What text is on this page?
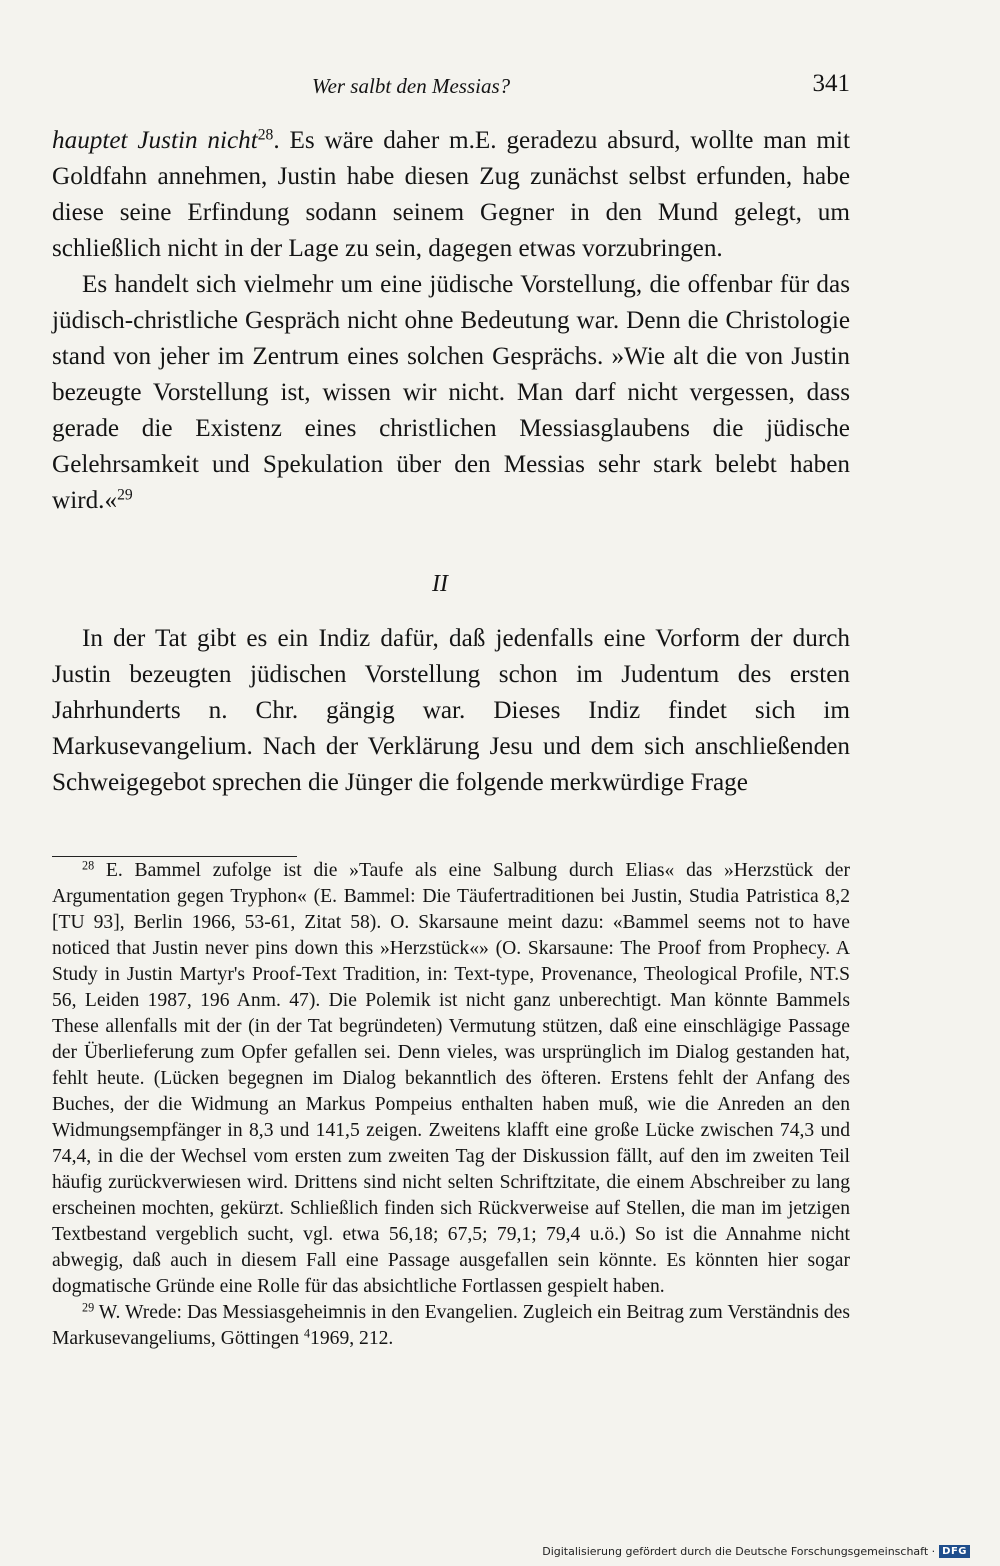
Wer salbt den Messias?	341

hauptet Justin nicht$^{28}$. Es wäre daher m.E. geradezu absurd, wollte man mit Goldfahn annehmen, Justin habe diesen Zug zunächst selbst erfunden, habe diese seine Erfindung sodann seinem Gegner in den Mund gelegt, um schließlich nicht in der Lage zu sein, dagegen etwas vorzubringen.

Es handelt sich vielmehr um eine jüdische Vorstellung, die offenbar für das jüdisch-christliche Gespräch nicht ohne Bedeutung war. Denn die Christologie stand von jeher im Zentrum eines solchen Gesprächs. »Wie alt die von Justin bezeugte Vorstellung ist, wissen wir nicht. Man darf nicht vergessen, dass gerade die Existenz eines christlichen Messiasglaubens die jüdische Gelehrsamkeit und Spekulation über den Messias sehr stark belebt haben wird.«$^{29}$

II

In der Tat gibt es ein Indiz dafür, daß jedenfalls eine Vorform der durch Justin bezeugten jüdischen Vorstellung schon im Judentum des ersten Jahrhunderts n. Chr. gängig war. Dieses Indiz findet sich im Markusevangelium. Nach der Verklärung Jesu und dem sich anschließenden Schweigegebot sprechen die Jünger die folgende merkwürdige Frage

$^{28}$ E. Bammel zufolge ist die »Taufe als eine Salbung durch Elias« das »Herzstück der Argumentation gegen Tryphon« (E. Bammel: Die Täufertraditionen bei Justin, Studia Patristica 8,2 [TU 93], Berlin 1966, 53-61, Zitat 58). O. Skarsaune meint dazu: «Bammel seems not to have noticed that Justin never pins down this »Herzstück«» (O. Skarsaune: The Proof from Prophecy. A Study in Justin Martyr's Proof-Text Tradition, in: Text-type, Provenance, Theological Profile, NT.S 56, Leiden 1987, 196 Anm. 47). Die Polemik ist nicht ganz unberechtigt. Man könnte Bammels These allenfalls mit der (in der Tat begründeten) Vermutung stützen, daß eine einschlägige Passage der Überlieferung zum Opfer gefallen sei. Denn vieles, was ursprünglich im Dialog gestanden hat, fehlt heute. (Lücken begegnen im Dialog bekanntlich des öfteren. Erstens fehlt der Anfang des Buches, der die Widmung an Markus Pompeius enthalten haben muß, wie die Anreden an den Widmungsempfänger in 8,3 und 141,5 zeigen. Zweitens klafft eine große Lücke zwischen 74,3 und 74,4, in die der Wechsel vom ersten zum zweiten Tag der Diskussion fällt, auf den im zweiten Teil häufig zurückverwiesen wird. Drittens sind nicht selten Schriftzitate, die einem Abschreiber zu lang erscheinen mochten, gekürzt. Schließlich finden sich Rückverweise auf Stellen, die man im jetzigen Textbestand vergeblich sucht, vgl. etwa 56,18; 67,5; 79,1; 79,4 u.ö.) So ist die Annahme nicht abwegig, daß auch in diesem Fall eine Passage ausgefallen sein könnte. Es könnten hier sogar dogmatische Gründe eine Rolle für das absichtliche Fortlassen gespielt haben.

$^{29}$ W. Wrede: Das Messiasgeheimnis in den Evangelien. Zugleich ein Beitrag zum Verständnis des Markusevangeliums, Göttingen $^4$1969, 212.

Digitalisierung gefördert durch die Deutsche Forschungsgemeinschaft · DFG
